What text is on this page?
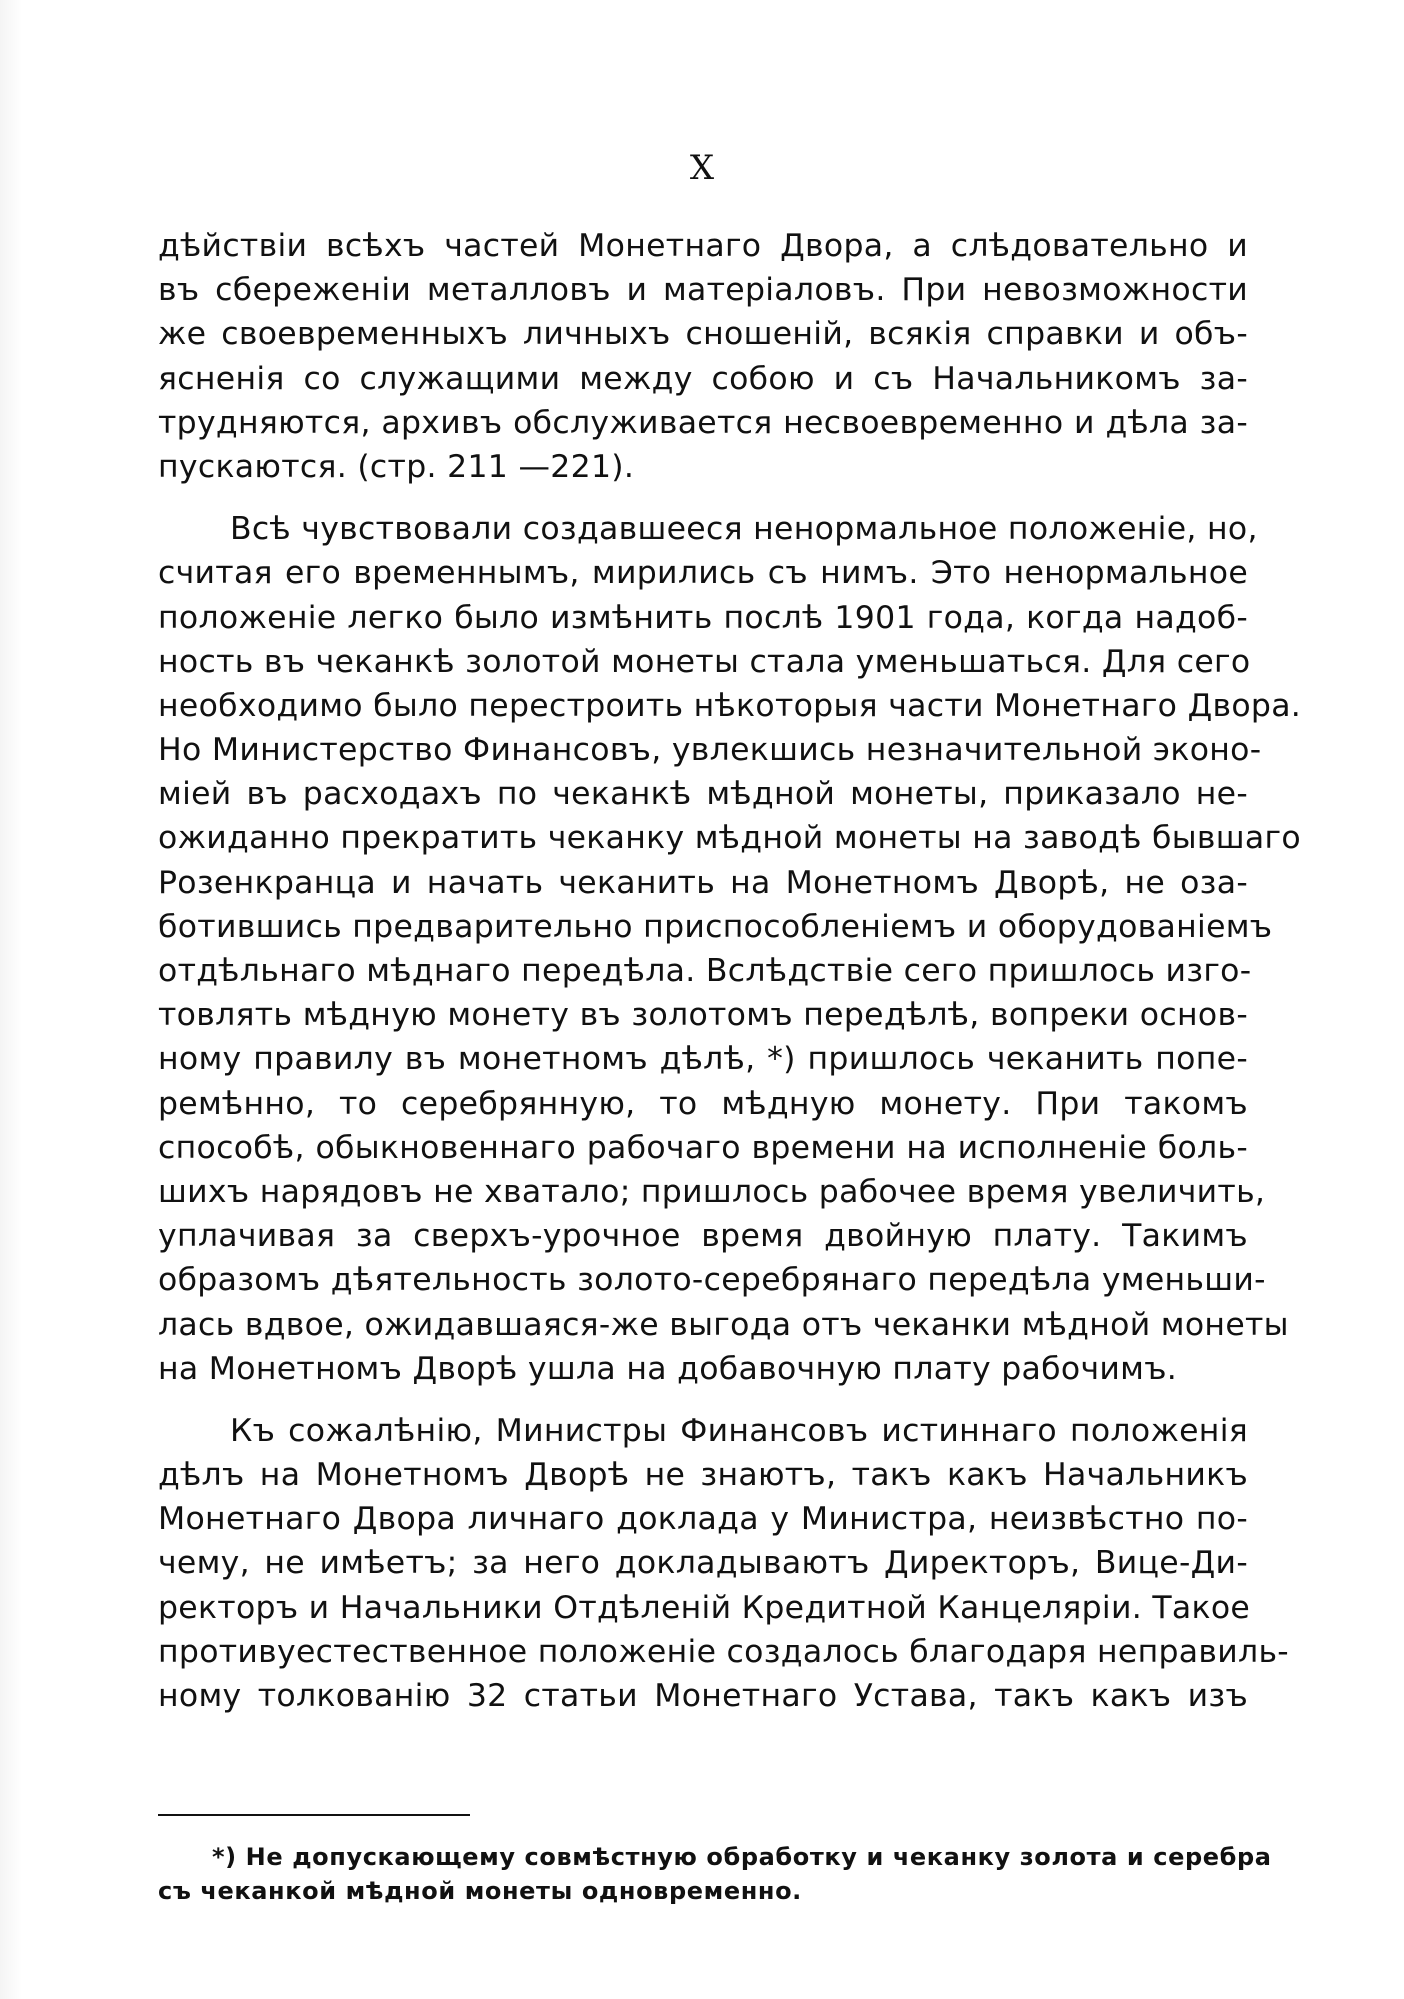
X
дѣйствіи всѣхъ частей Монетнаго Двора, а слѣдовательно и
въ сбереженіи металловъ и матеріаловъ. При невозможности
же своевременныхъ личныхъ сношеній, всякія справки и объ-
ясненія со служащими между собою и съ Начальникомъ за-
трудняются, архивъ обслуживается несвоевременно и дѣла за-
пускаются. (стр. 211 —221).
Всѣ чувствовали создавшееся ненормальное положеніе, но,
считая его временнымъ, мирились съ нимъ. Это ненормальное
положеніе легко было измѣнить послѣ 1901 года, когда надоб-
ность въ чеканкѣ золотой монеты стала уменьшаться. Для сего
необходимо было перестроить нѣкоторыя части Монетнаго Двора.
Но Министерство Финансовъ, увлекшись незначительной эконо-
міей въ расходахъ по чеканкѣ мѣдной монеты, приказало не-
ожиданно прекратить чеканку мѣдной монеты на заводѣ бывшаго
Розенкранца и начать чеканить на Монетномъ Дворѣ, не оза-
ботившись предварительно приспособленіемъ и оборудованіемъ
отдѣльнаго мѣднаго передѣла. Вслѣдствіе сего пришлось изго-
товлять мѣдную монету въ золотомъ передѣлѣ, вопреки основ-
ному правилу въ монетномъ дѣлѣ, *) пришлось чеканить попе-
ремѣнно, то серебрянную, то мѣдную монету. При такомъ
способѣ, обыкновеннаго рабочаго времени на исполненіе боль-
шихъ нарядовъ не хватало; пришлось рабочее время увеличить,
уплачивая за сверхъ-урочное время двойную плату. Такимъ
образомъ дѣятельность золото-серебрянаго передѣла уменьши-
лась вдвое, ожидавшаяся-же выгода отъ чеканки мѣдной монеты
на Монетномъ Дворѣ ушла на добавочную плату рабочимъ.
Къ сожалѣнію, Министры Финансовъ истиннаго положенія
дѣлъ на Монетномъ Дворѣ не знаютъ, такъ какъ Начальникъ
Монетнаго Двора личнаго доклада у Министра, неизвѣстно по-
чему, не имѣетъ; за него докладываютъ Директоръ, Вице-Ди-
ректоръ и Начальники Отдѣленій Кредитной Канцеляріи. Такое
противуестественное положеніе создалось благодаря неправиль-
ному толкованію 32 статьи Монетнаго Устава, такъ какъ изъ
*) Не допускающему совмѣстную обработку и чеканку золота и серебра
съ чеканкой мѣдной монеты одновременно.
